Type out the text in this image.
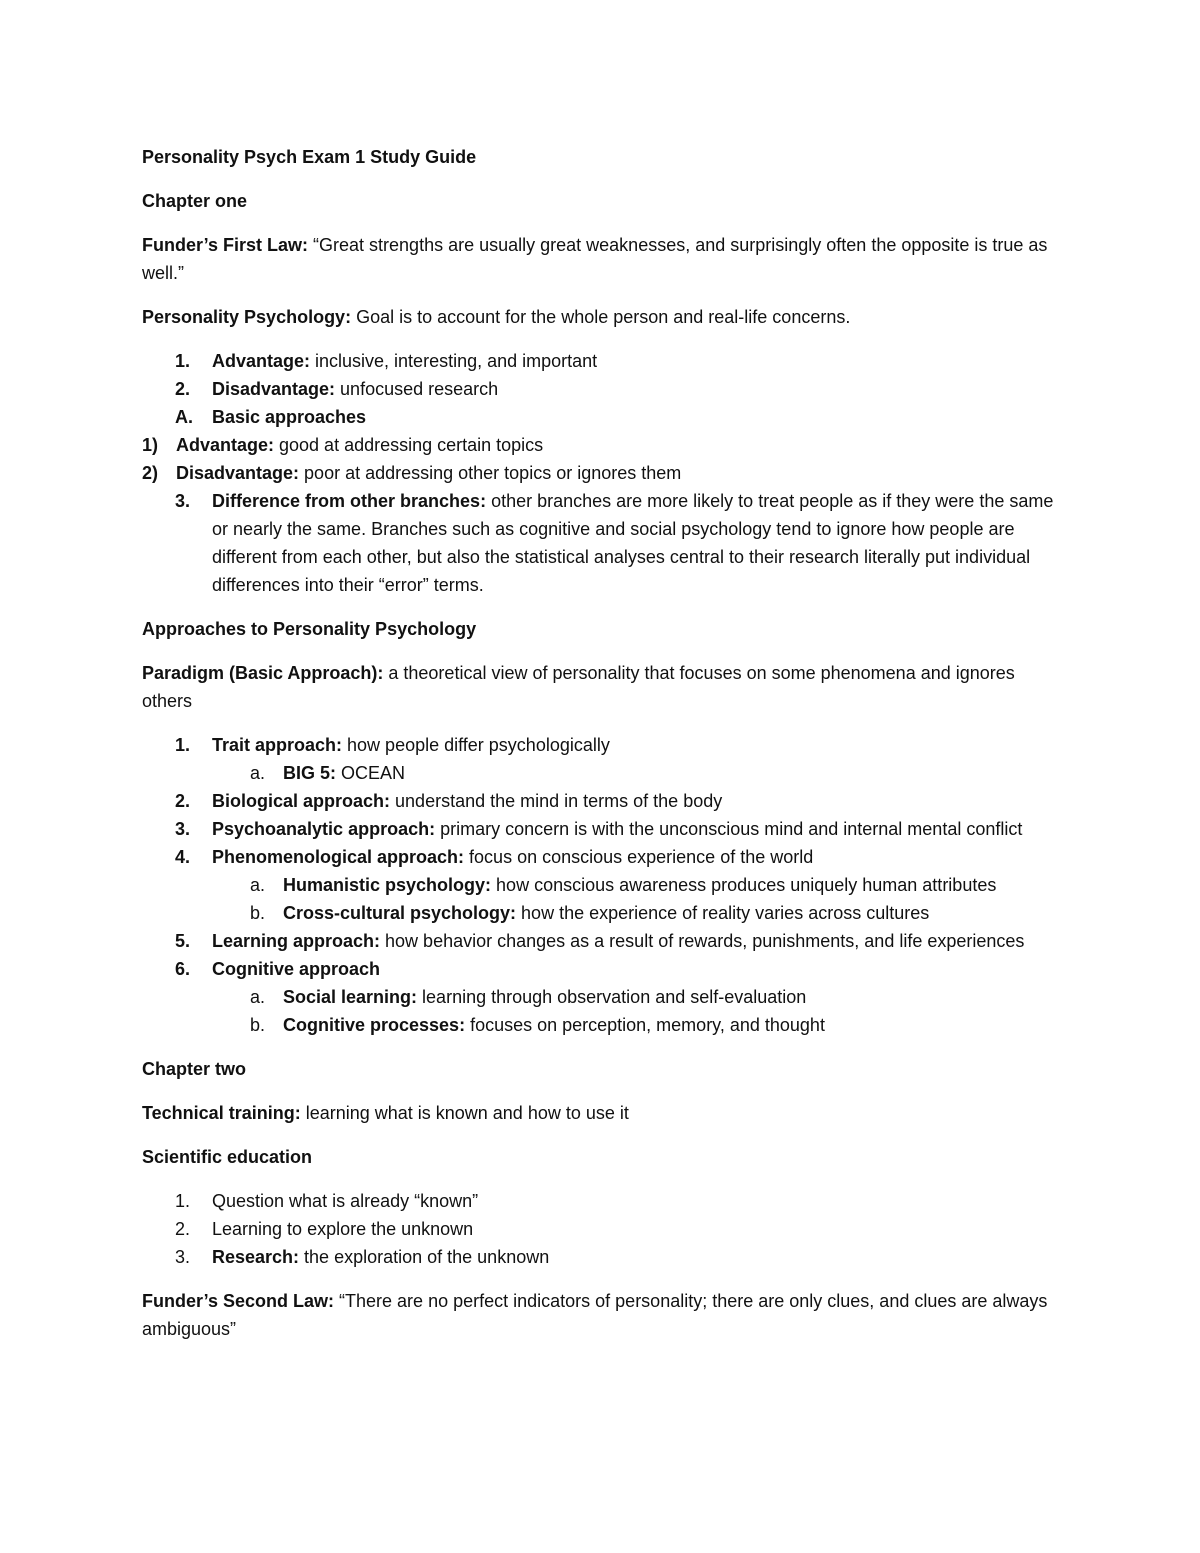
Personality Psych Exam 1 Study Guide

Chapter one

Funder’s First Law: “Great strengths are usually great weaknesses, and surprisingly often the opposite is true as well.”

Personality Psychology: Goal is to account for the whole person and real-life concerns.

1. Advantage: inclusive, interesting, and important
2. Disadvantage: unfocused research
A. Basic approaches
1) Advantage: good at addressing certain topics
2) Disadvantage: poor at addressing other topics or ignores them
3. Difference from other branches: other branches are more likely to treat people as if they were the same or nearly the same. Branches such as cognitive and social psychology tend to ignore how people are different from each other, but also the statistical analyses central to their research literally put individual differences into their “error” terms.

Approaches to Personality Psychology

Paradigm (Basic Approach): a theoretical view of personality that focuses on some phenomena and ignores others

1. Trait approach: how people differ psychologically
a. BIG 5: OCEAN
2. Biological approach: understand the mind in terms of the body
3. Psychoanalytic approach: primary concern is with the unconscious mind and internal mental conflict
4. Phenomenological approach: focus on conscious experience of the world
a. Humanistic psychology: how conscious awareness produces uniquely human attributes
b. Cross-cultural psychology: how the experience of reality varies across cultures
5. Learning approach: how behavior changes as a result of rewards, punishments, and life experiences
6. Cognitive approach
a. Social learning: learning through observation and self-evaluation
b. Cognitive processes: focuses on perception, memory, and thought

Chapter two

Technical training: learning what is known and how to use it

Scientific education

1. Question what is already “known”
2. Learning to explore the unknown
3. Research: the exploration of the unknown

Funder’s Second Law: “There are no perfect indicators of personality; there are only clues, and clues are always ambiguous”
